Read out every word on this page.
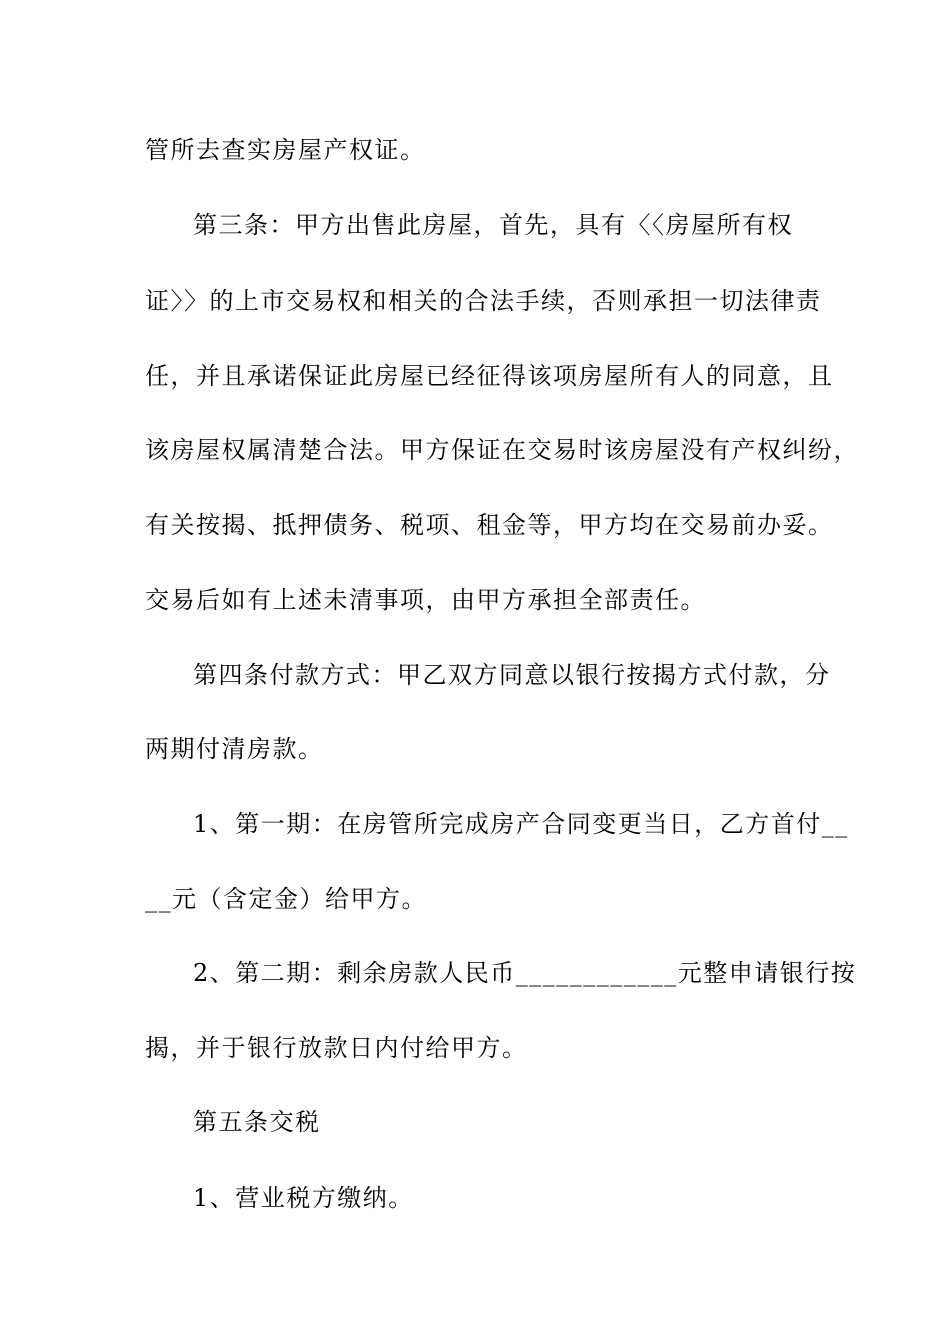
管所去查实房屋产权证。
第三条：甲方出售此房屋，首先，具有〈〈房屋所有权
证〉〉的上市交易权和相关的合法手续，否则承担一切法律责
任，并且承诺保证此房屋已经征得该项房屋所有人的同意，且
该房屋权属清楚合法。甲方保证在交易时该房屋没有产权纠纷，
有关按揭、抵押债务、税项、租金等，甲方均在交易前办妥。
交易后如有上述未清事项，由甲方承担全部责任。
第四条付款方式：甲乙双方同意以银行按揭方式付款，分
两期付清房款。
1、第一期：在房管所完成房产合同变更当日，乙方首付__
__元（含定金）给甲方。
2、第二期：剩余房款人民币____________元整申请银行按
揭，并于银行放款日内付给甲方。
第五条交税
1、营业税方缴纳。
